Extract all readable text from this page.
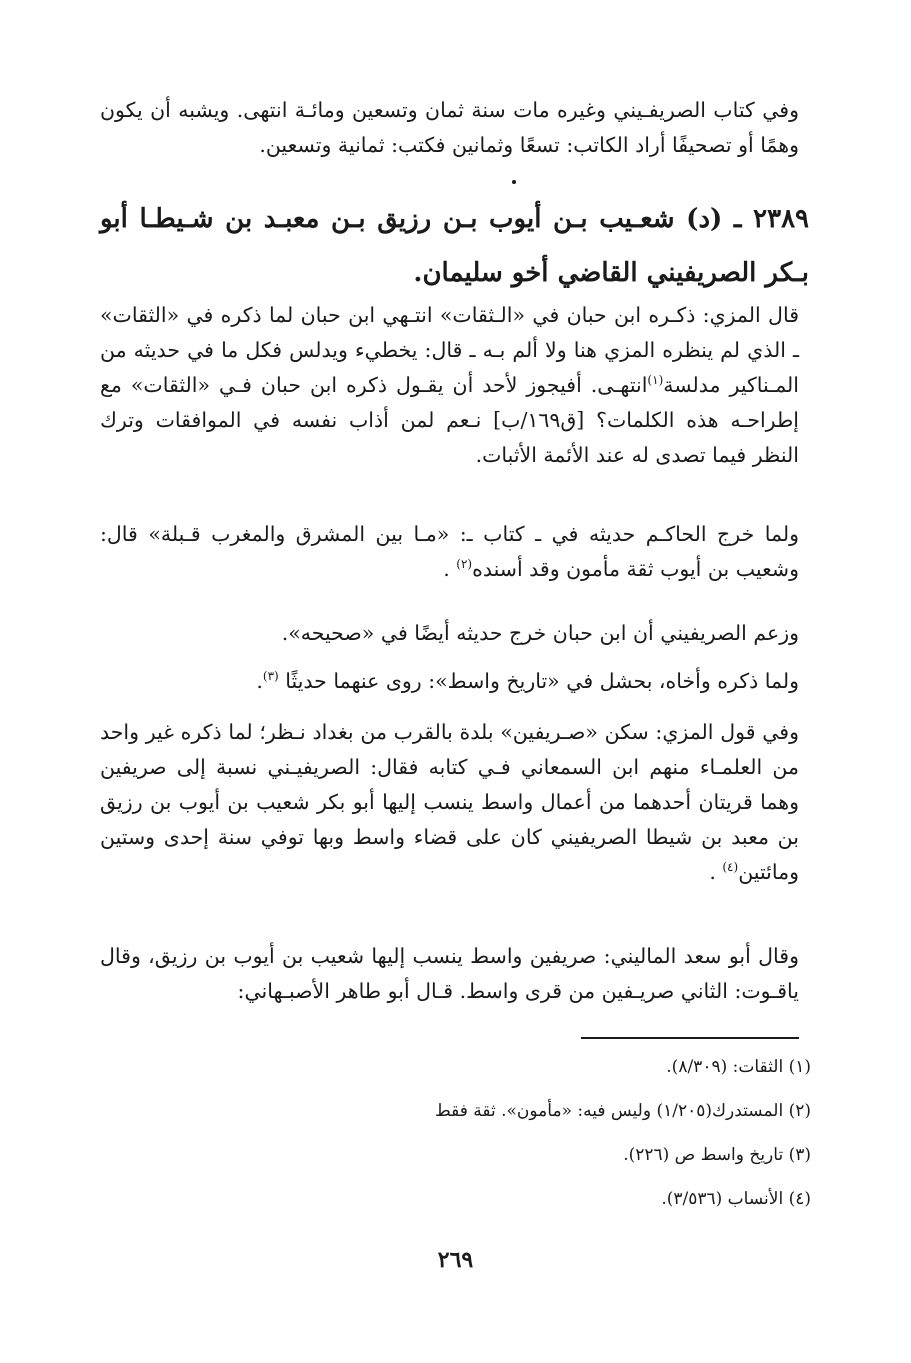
وفي كتاب الصريفـيني وغيره مات سنة ثمان وتسعين ومائـة انتهى. ويشبه أن يكون وهمًا أو تصحيفًا أراد الكاتب: تسعًا وثمانين فكتب: ثمانية وتسعين.

٢٣٨٩ ـ (د) شعـيب بـن أيوب بـن رزيق بـن معبـد بن شـيطـا أبو بـكر الصريفيني القاضي أخو سليمان.

قال المزي: ذكـره ابن حبان في «الـثقات» انتـهي ابن حبان لما ذكره في «الثقات» ـ الذي لم ينظره المزي هنا ولا ألم بـه ـ قال: يخطيء ويدلس فكل ما في حديثه من المـناكير مدلسة$^{(١)}$انتهـى. أفيجوز لأحد أن يقـول ذكره ابن حبان فـي «الثقات» مع إطراحـه هذه الكلمات؟ [ق١٦٩/ب] نـعم لمن أذاب نفسه في الموافقات وترك النظر فيما تصدى له عند الأئمة الأثبات.

ولما خرج الحاكـم حديثه في ـ كتاب ـ: «مـا بين المشرق والمغرب قـبلة» قال: وشعيب بن أيوب ثقة مأمون وقد أسنده$^{(٢)}$ .

وزعم الصريفيني أن ابن حبان خرج حديثه أيضًا في «صحيحه».

ولما ذكره وأخاه، بحشل في «تاريخ واسط»: روى عنهما حديثًا $^{(٣)}$.

وفي قول المزي: سكن «صـريفين» بلدة بالقرب من بغداد نـظر؛ لما ذكره غير واحد من العلمـاء منهم ابن السمعاني فـي كتابه فقال: الصريفيـني نسبة إلى صريفين وهما قريتان أحدهما من أعمال واسط ينسب إليها أبو بكر شعيب بن أيوب بن رزيق بن معبد بن شيطا الصريفيني كان على قضاء واسط وبها توفي سنة إحدى وستين ومائتين$^{(٤)}$ .

وقال أبو سعد الماليني: صريفين واسط ينسب إليها شعيب بن أيوب بن رزيق، وقال ياقـوت: الثاني صريـفين من قرى واسط. قـال أبو طاهر الأصبـهاني:

(١) الثقات: (٨/٣٠٩).

(٢) المستدرك(١/٢٠٥) وليس فيه: «مأمون». ثقة فقط

(٣) تاريخ واسط ص (٢٢٦).

(٤) الأنساب (٣/٥٣٦).

٢٦٩
